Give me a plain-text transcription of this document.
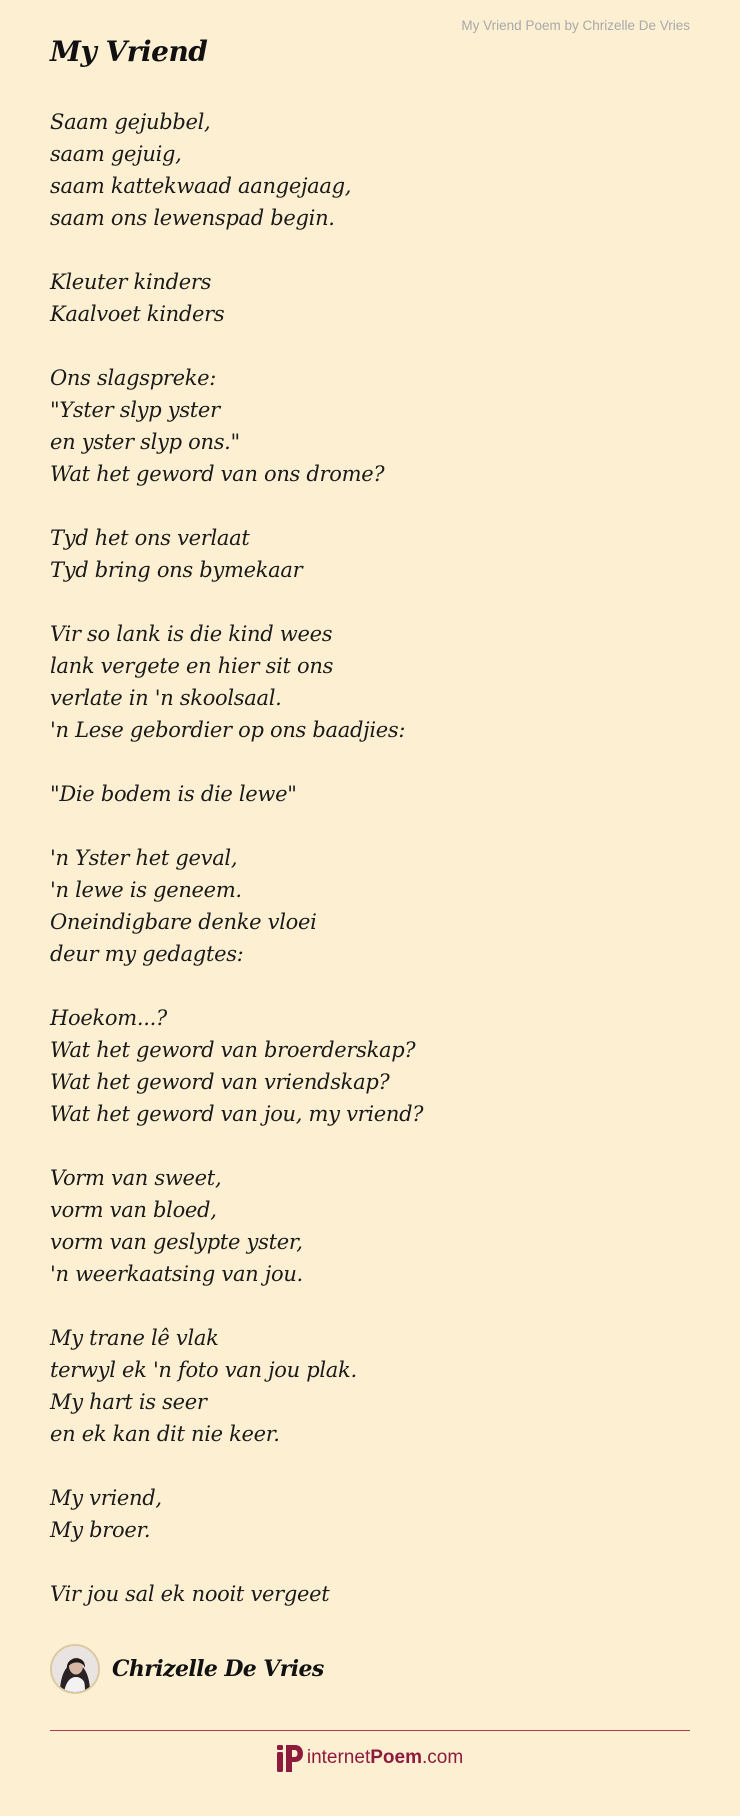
My Vriend Poem by Chrizelle De Vries
My Vriend
Saam gejubbel,
saam gejuig,
saam kattekwaad aangejaag,
saam ons lewenspad begin.
Kleuter kinders
Kaalvoet kinders
Ons slagspreke:
"Yster slyp yster
en yster slyp ons."
Wat het geword van ons drome?
Tyd het ons verlaat
Tyd bring ons bymekaar
Vir so lank is die kind wees
lank vergete en hier sit ons
verlate in 'n skoolsaal.
'n Lese gebordier op ons baadjies:
"Die bodem is die lewe"
'n Yster het geval,
'n lewe is geneem.
Oneindigbare denke vloei
deur my gedagtes:
Hoekom...?
Wat het geword van broerderskap?
Wat het geword van vriendskap?
Wat het geword van jou, my vriend?
Vorm van sweet,
vorm van bloed,
vorm van geslypte yster,
'n weerkaatsing van jou.
My trane lê vlak
terwyl ek 'n foto van jou plak.
My hart is seer
en ek kan dit nie keer.
My vriend,
My broer.
Vir jou sal ek nooit vergeet
Chrizelle De Vries
internetPoem.com
